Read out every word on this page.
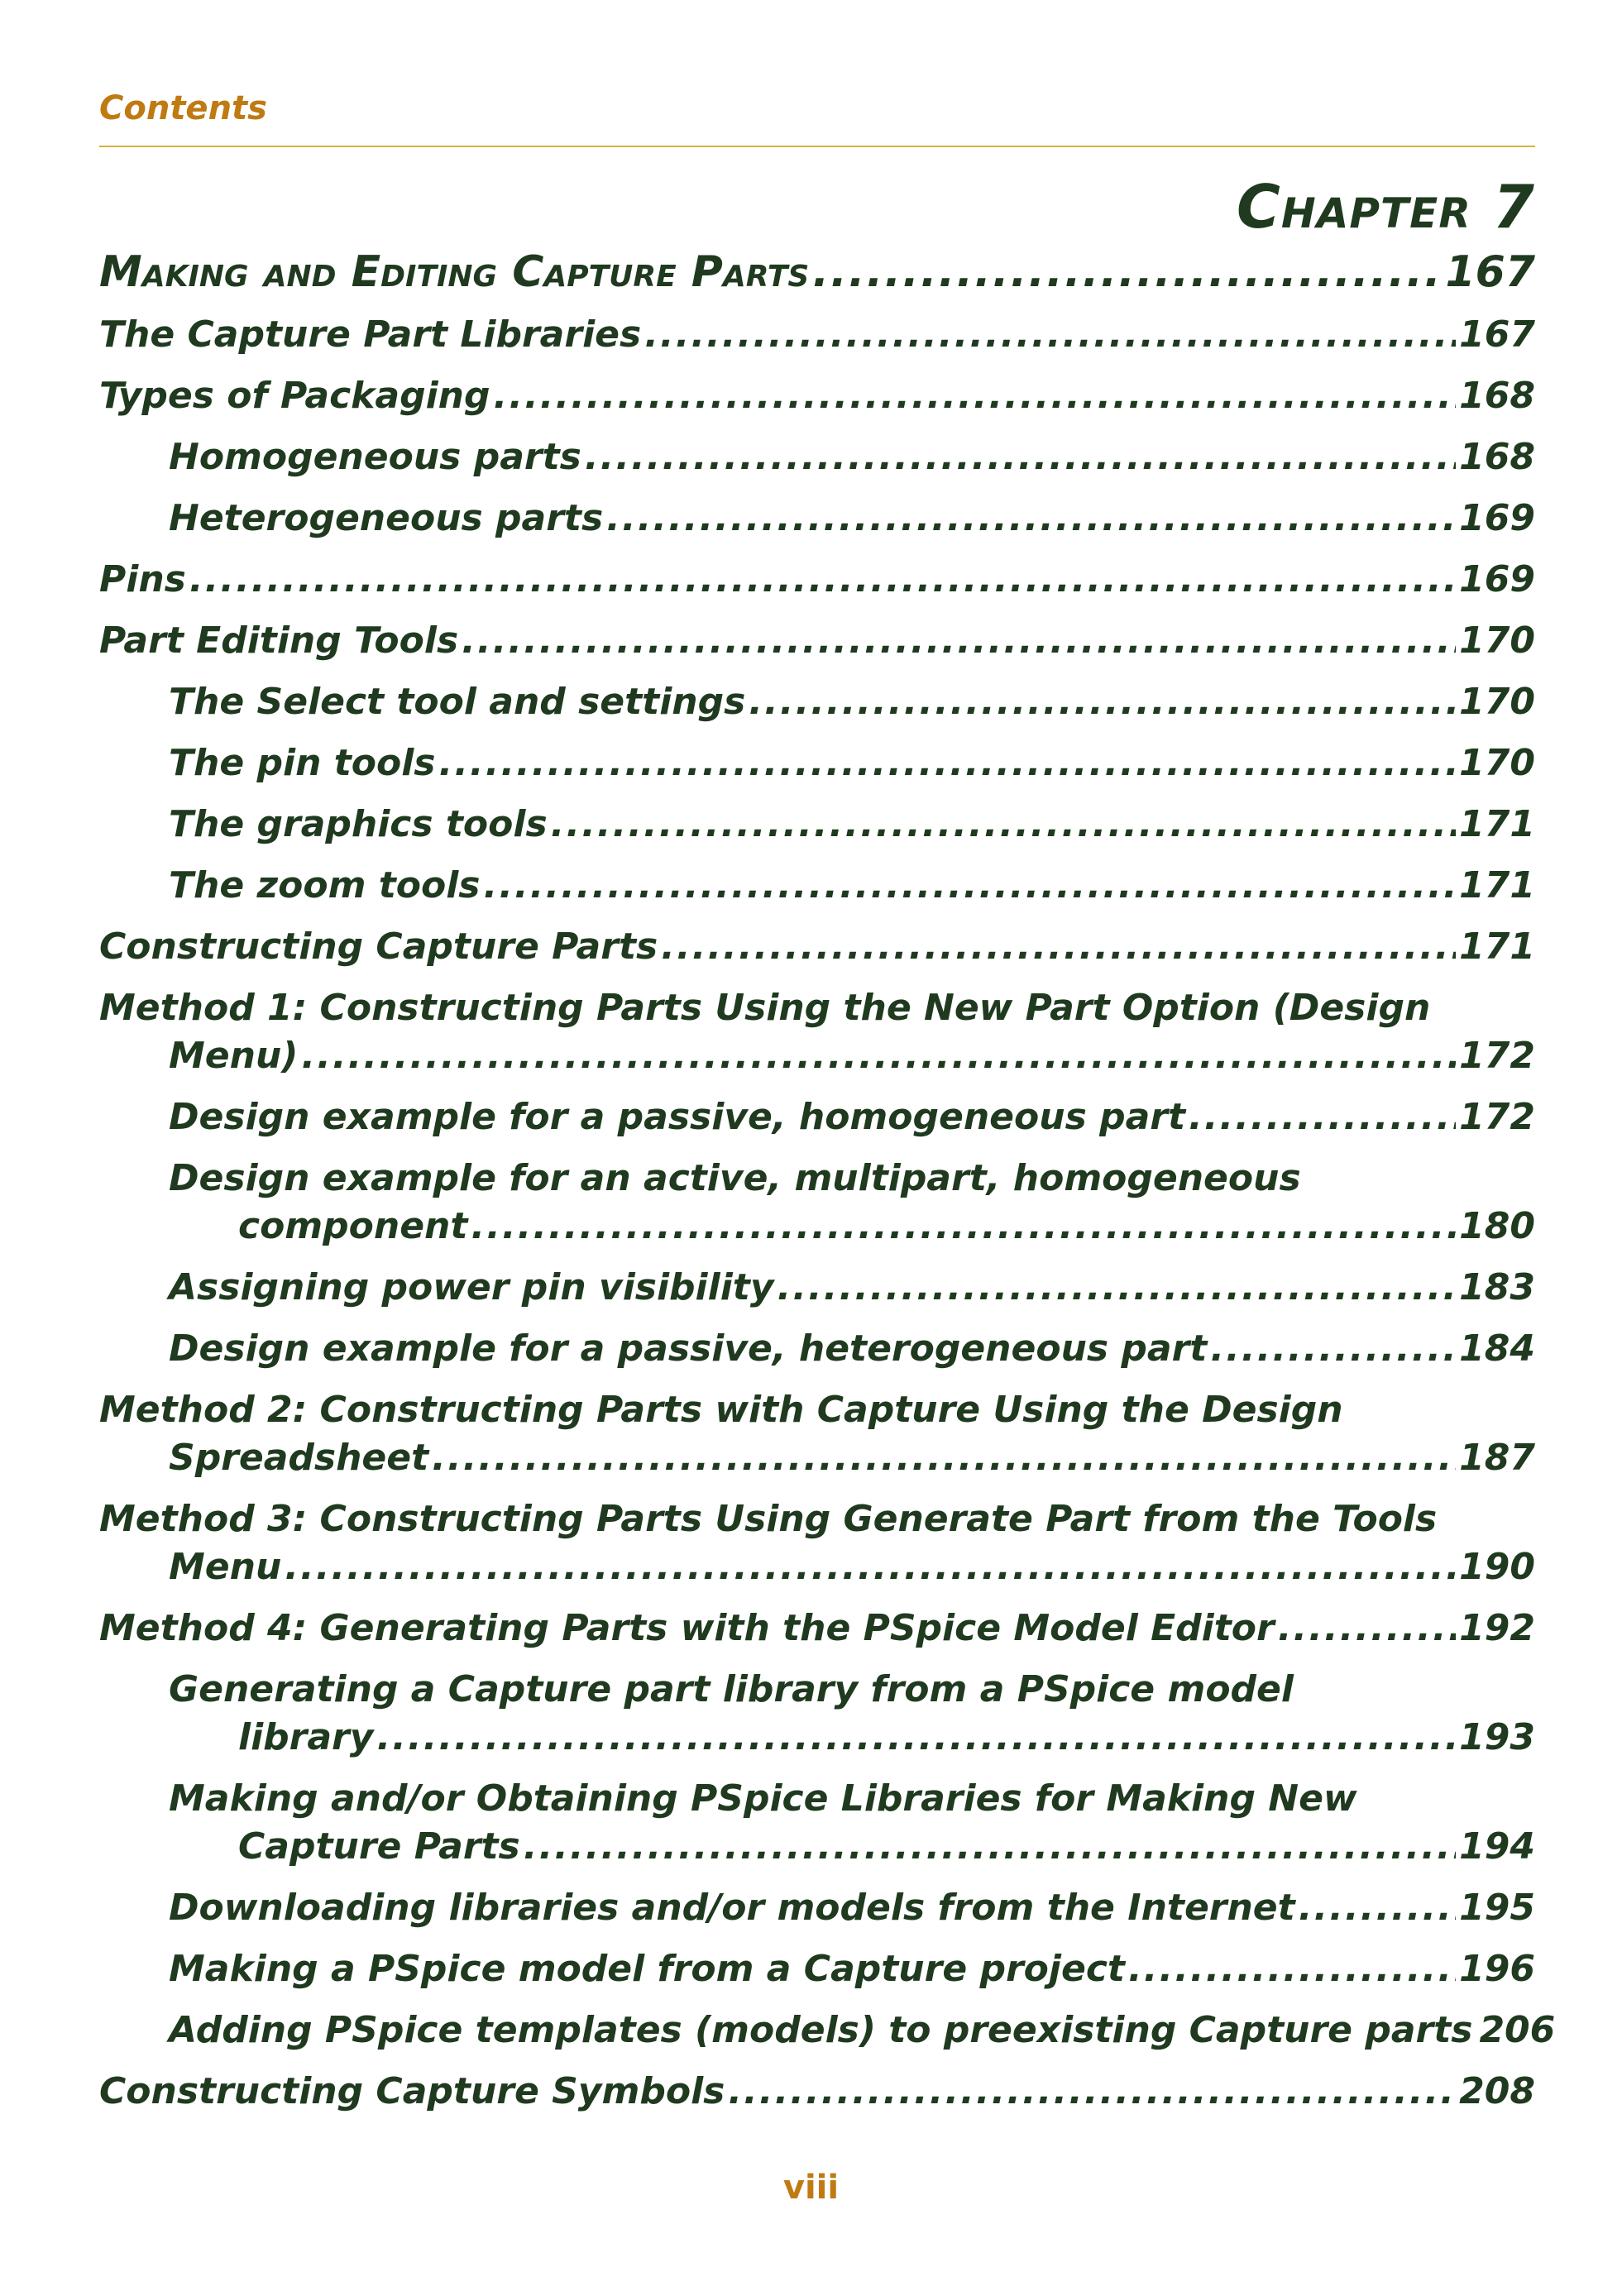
Contents
Chapter 7
Making and Editing Capture Parts .....	167
The Capture Part Libraries .....	167
Types of Packaging .....	168
Homogeneous parts .....	168
Heterogeneous parts .....	169
Pins .....	169
Part Editing Tools .....	170
The Select tool and settings .....	170
The pin tools .....	170
The graphics tools .....	171
The zoom tools .....	171
Constructing Capture Parts .....	171
Method 1: Constructing Parts Using the New Part Option (Design
Menu) .....	172
Design example for a passive, homogeneous part .....	172
Design example for an active, multipart, homogeneous
component .....	180
Assigning power pin visibility .....	183
Design example for a passive, heterogeneous part .....	184
Method 2: Constructing Parts with Capture Using the Design
Spreadsheet .....	187
Method 3: Constructing Parts Using Generate Part from the Tools
Menu .....	190
Method 4: Generating Parts with the PSpice Model Editor .....	192
Generating a Capture part library from a PSpice model
library .....	193
Making and/or Obtaining PSpice Libraries for Making New
Capture Parts .....	194
Downloading libraries and/or models from the Internet .....	195
Making a PSpice model from a Capture project .....	196
Adding PSpice templates (models) to preexisting Capture parts 206
Constructing Capture Symbols .....	208
viii
